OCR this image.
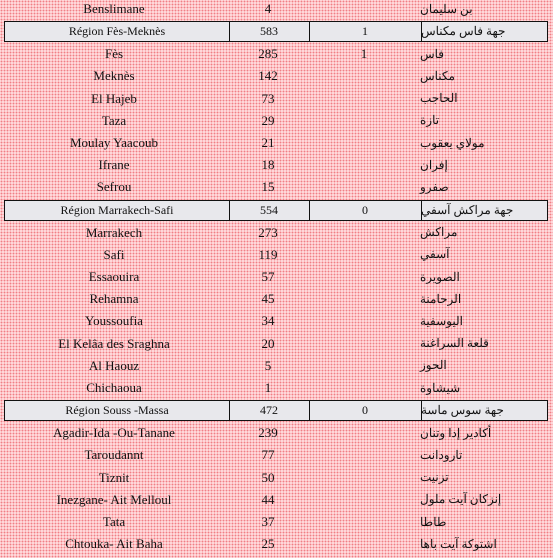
Benslimane	4	بن سليمان
Région Fès-Meknès	583	1	جهة فاس مكناس
Fès	285	1	فاس
Meknès	142	مكناس
El Hajeb	73	الحاجب
Taza	29	تازة
Moulay Yaacoub	21	مولاي يعقوب
Ifrane	18	إفران
Sefrou	15	صفرو
Région Marrakech-Safi	554	0	جهة مراكش آسفي
Marrakech	273	مراكش
Safi	119	آسفي
Essaouira	57	الصويرة
Rehamna	45	الرحامنة
Youssoufia	34	اليوسفية
El Kelâa des Sraghna	20	قلعة السراغنة
Al Haouz	5	الحوز
Chichaoua	1	شيشاوة
Région Souss -Massa	472	0	جهة سوس ماسة
Agadir-Ida -Ou-Tanane	239	أكادير إدا وتنان
Taroudannt	77	تارودانت
Tiznit	50	تزنيت
Inezgane- Ait Melloul	44	إنزكان آيت ملول
Tata	37	طاطا
Chtouka- Ait Baha	25	اشتوكة آيت باها
